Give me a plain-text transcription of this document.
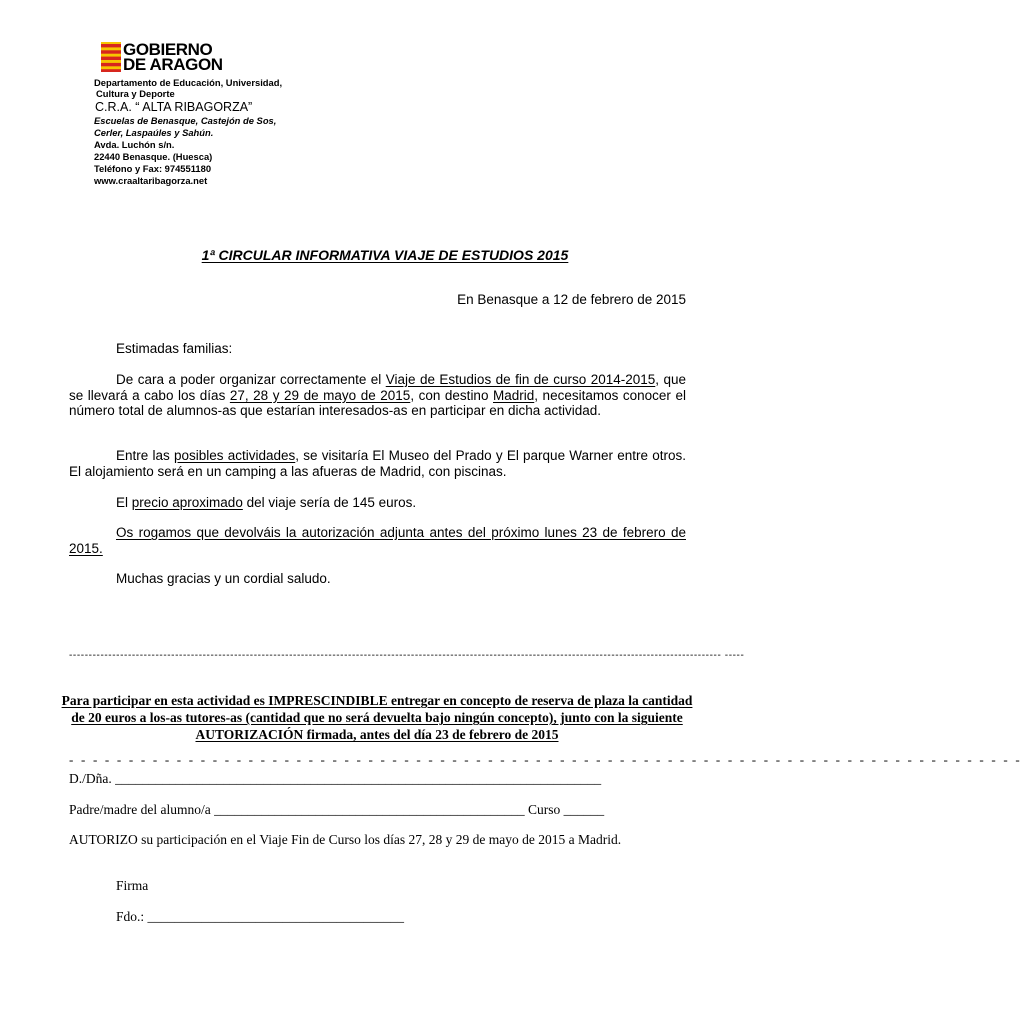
GOBIERNO
DE ARAGON
Departamento de Educación, Universidad,
Cultura y Deporte
C.R.A. “ ALTA RIBAGORZA”
Escuelas de Benasque, Castejón de Sos,
Cerler, Laspaúles y Sahún.
Avda. Luchón s/n.
22440 Benasque. (Huesca)
Teléfono y Fax: 974551180
www.craaltaribagorza.net
1ª CIRCULAR INFORMATIVA VIAJE DE ESTUDIOS 2015
En Benasque a 12 de febrero de 2015
Estimadas familias:
De cara a poder organizar correctamente el Viaje de Estudios de fin de curso 2014-2015, que se llevará a cabo los días 27, 28 y 29 de mayo de 2015, con destino Madrid, necesitamos conocer el número total de alumnos-as que estarían interesados-as en participar en dicha actividad.
Entre las posibles actividades, se visitaría El Museo del Prado y El parque Warner entre otros. El alojamiento será en un camping a las afueras de Madrid, con piscinas.
El precio aproximado del viaje sería de 145 euros.
Os rogamos que devolváis la autorización adjunta antes del próximo lunes 23 de febrero de 2015.
Muchas gracias y un cordial saludo.
---------------------------------------------------------------------------------------------------------------------------------------------------------------------- -----
Para participar en esta actividad es IMPRESCINDIBLE entregar en concepto de reserva de plaza la cantidad de 20 euros a los-as tutores-as (cantidad que no será devuelta bajo ningún concepto), junto con la siguiente AUTORIZACIÓN firmada, antes del día 23 de febrero de 2015
- - - - - - - - - - - - - - - - - - - - - - - - - - - - - - - - - - - - - - - - - - - - - - - - - - - - - - - - - - - - - - - - - - - - - - - - - - - - - - - -
D./Dña. ________________________________________________________________________
Padre/madre del alumno/a ______________________________________________ Curso ______
AUTORIZO su participación en el Viaje Fin de Curso los días 27, 28 y 29 de mayo de 2015 a Madrid.
Firma
Fdo.: ______________________________________
